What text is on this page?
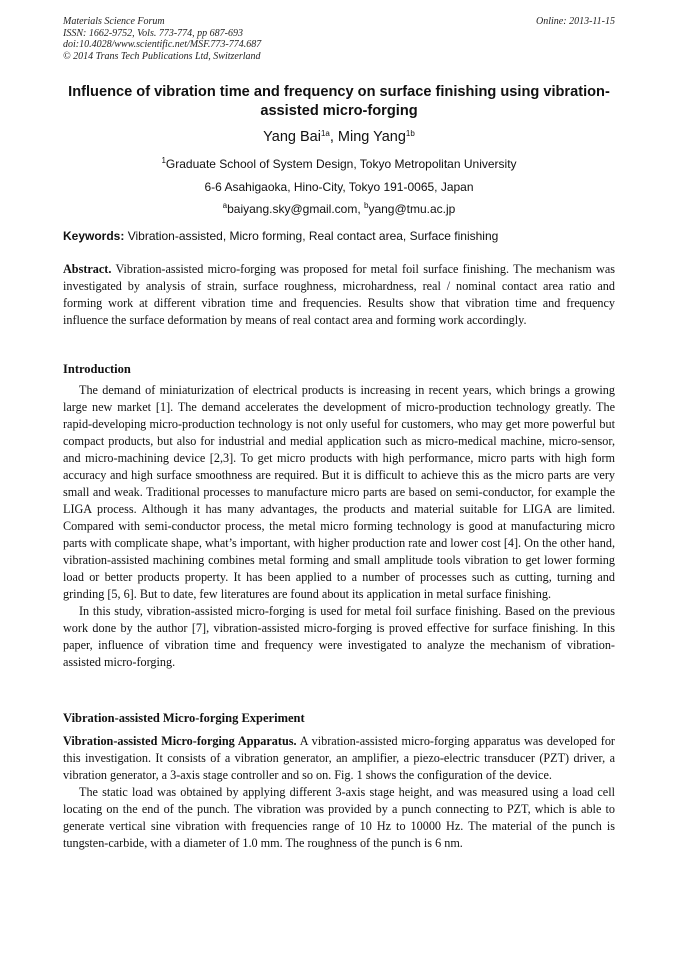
Materials Science Forum
ISSN: 1662-9752, Vols. 773-774, pp 687-693
doi:10.4028/www.scientific.net/MSF.773-774.687
© 2014 Trans Tech Publications Ltd, Switzerland
Online: 2013-11-15
Influence of vibration time and frequency on surface finishing using vibration-assisted micro-forging
Yang Bai$^{1a}$, Ming Yang$^{1b}$
$^1$Graduate School of System Design, Tokyo Metropolitan University
6-6 Asahigaoka, Hino-City, Tokyo 191-0065, Japan
$^a$baiyang.sky@gmail.com, $^b$yang@tmu.ac.jp
Keywords: Vibration-assisted, Micro forming, Real contact area, Surface finishing
Abstract. Vibration-assisted micro-forging was proposed for metal foil surface finishing. The mechanism was investigated by analysis of strain, surface roughness, microhardness, real / nominal contact area ratio and forming work at different vibration time and frequencies. Results show that vibration time and frequency influence the surface deformation by means of real contact area and forming work accordingly.
Introduction

The demand of miniaturization of electrical products is increasing in recent years, which brings a growing large new market [1]. The demand accelerates the development of micro-production technology greatly. The rapid-developing micro-production technology is not only useful for customers, who may get more powerful but compact products, but also for industrial and medial application such as micro-medical machine, micro-sensor, and micro-machining device [2,3]. To get micro products with high performance, micro parts with high form accuracy and high surface smoothness are required. But it is difficult to achieve this as the micro parts are very small and weak. Traditional processes to manufacture micro parts are based on semi-conductor, for example the LIGA process. Although it has many advantages, the products and material suitable for LIGA are limited. Compared with semi-conductor process, the metal micro forming technology is good at manufacturing micro parts with complicate shape, what’s important, with higher production rate and lower cost [4]. On the other hand, vibration-assisted machining combines metal forming and small amplitude tools vibration to get lower forming load or better products property. It has been applied to a number of processes such as cutting, turning and grinding [5, 6]. But to date, few literatures are found about its application in metal surface finishing.

In this study, vibration-assisted micro-forging is used for metal foil surface finishing. Based on the previous work done by the author [7], vibration-assisted micro-forging is proved effective for surface finishing. In this paper, influence of vibration time and frequency were investigated to analyze the mechanism of vibration-assisted micro-forging.

Vibration-assisted Micro-forging Experiment

Vibration-assisted Micro-forging Apparatus. A vibration-assisted micro-forging apparatus was developed for this investigation. It consists of a vibration generator, an amplifier, a piezo-electric transducer (PZT) driver, a vibration generator, a 3-axis stage controller and so on. Fig. 1 shows the configuration of the device.

The static load was obtained by applying different 3-axis stage height, and was measured using a load cell locating on the end of the punch. The vibration was provided by a punch connecting to PZT, which is able to generate vertical sine vibration with frequencies range of 10 Hz to 10000 Hz. The material of the punch is tungsten-carbide, with a diameter of 1.0 mm. The roughness of the punch is 6 nm.
